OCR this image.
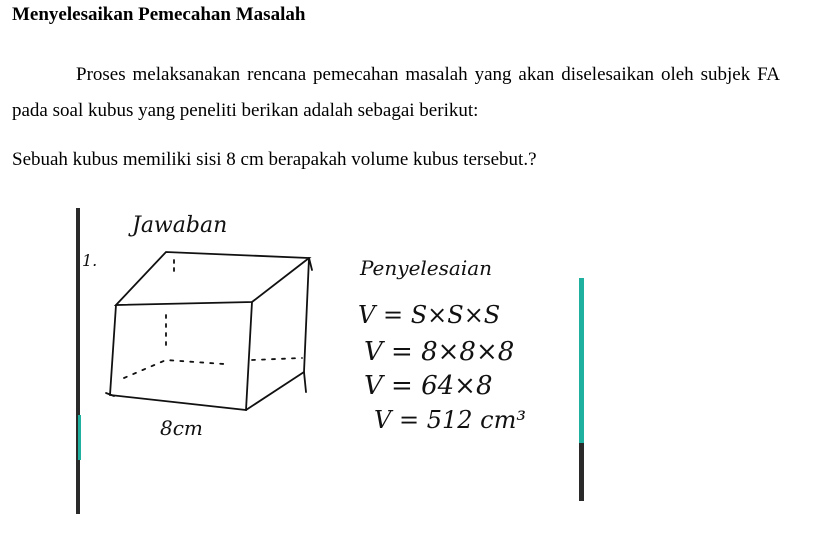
Menyelesaikan Pemecahan Masalah

Proses melaksanakan rencana pemecahan masalah yang akan diselesaikan oleh subjek FA pada soal kubus yang peneliti berikan adalah sebagai berikut:

Sebuah kubus memiliki sisi 8 cm berapakah volume kubus tersebut.?
Jawaban
1.
8cm
Penyelesaian
V = S×S×S
V = 8×8×8
V = 64×8
V = 512 cm³
